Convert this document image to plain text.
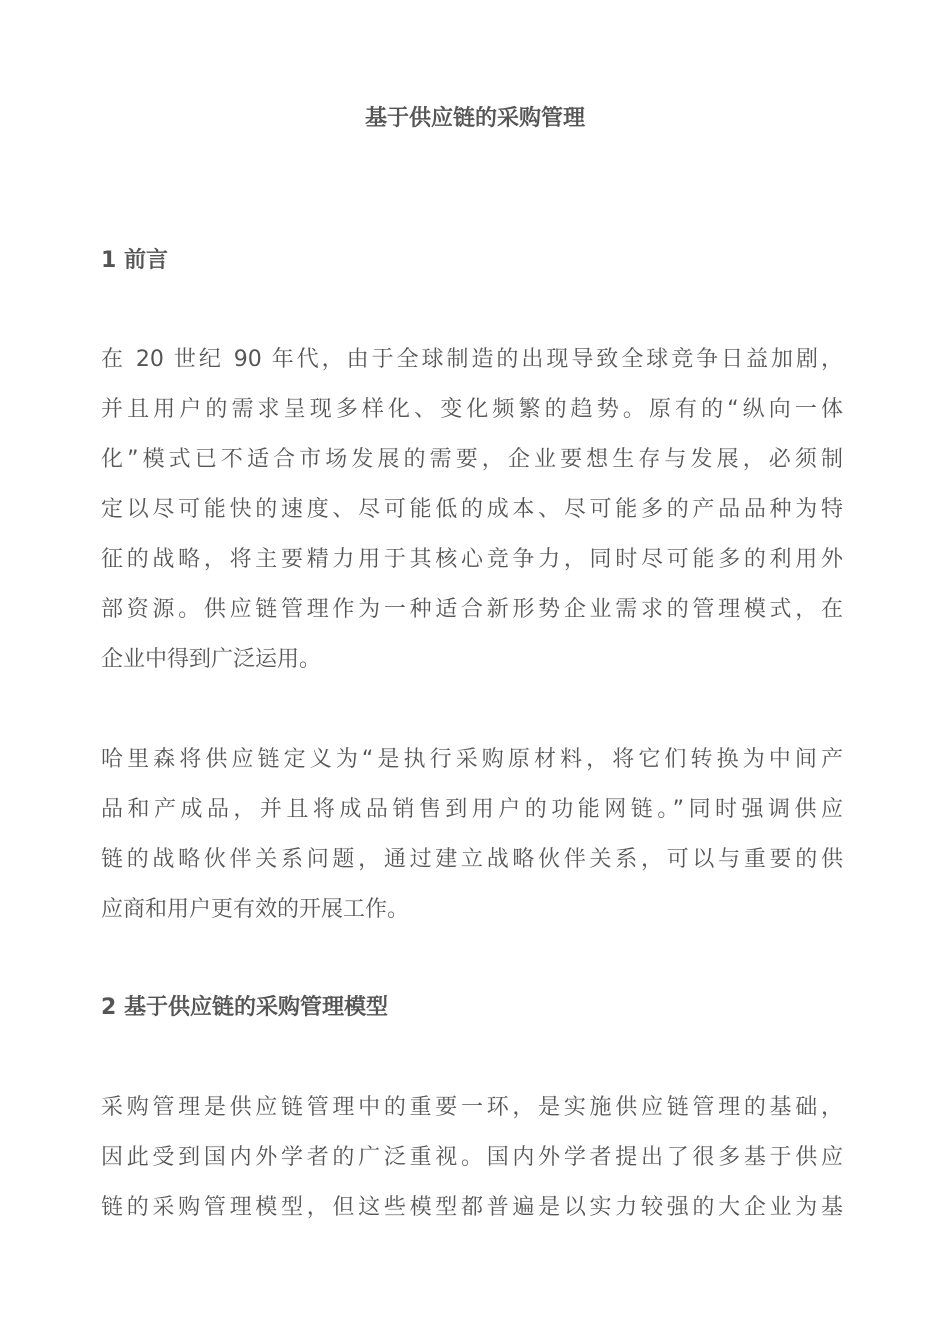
基于供应链的采购管理
1 前言
在 20 世纪 90 年代，由于全球制造的出现导致全球竞争日益加剧，
并且用户的需求呈现多样化、变化频繁的趋势。原有的“纵向一体
化”模式已不适合市场发展的需要，企业要想生存与发展，必须制
定以尽可能快的速度、尽可能低的成本、尽可能多的产品品种为特
征的战略，将主要精力用于其核心竞争力，同时尽可能多的利用外
部资源。供应链管理作为一种适合新形势企业需求的管理模式，在
企业中得到广泛运用。
哈里森将供应链定义为“是执行采购原材料，将它们转换为中间产
品和产成品，并且将成品销售到用户的功能网链。”同时强调供应
链的战略伙伴关系问题，通过建立战略伙伴关系，可以与重要的供
应商和用户更有效的开展工作。
2 基于供应链的采购管理模型
采购管理是供应链管理中的重要一环，是实施供应链管理的基础，
因此受到国内外学者的广泛重视。国内外学者提出了很多基于供应
链的采购管理模型，但这些模型都普遍是以实力较强的大企业为基
